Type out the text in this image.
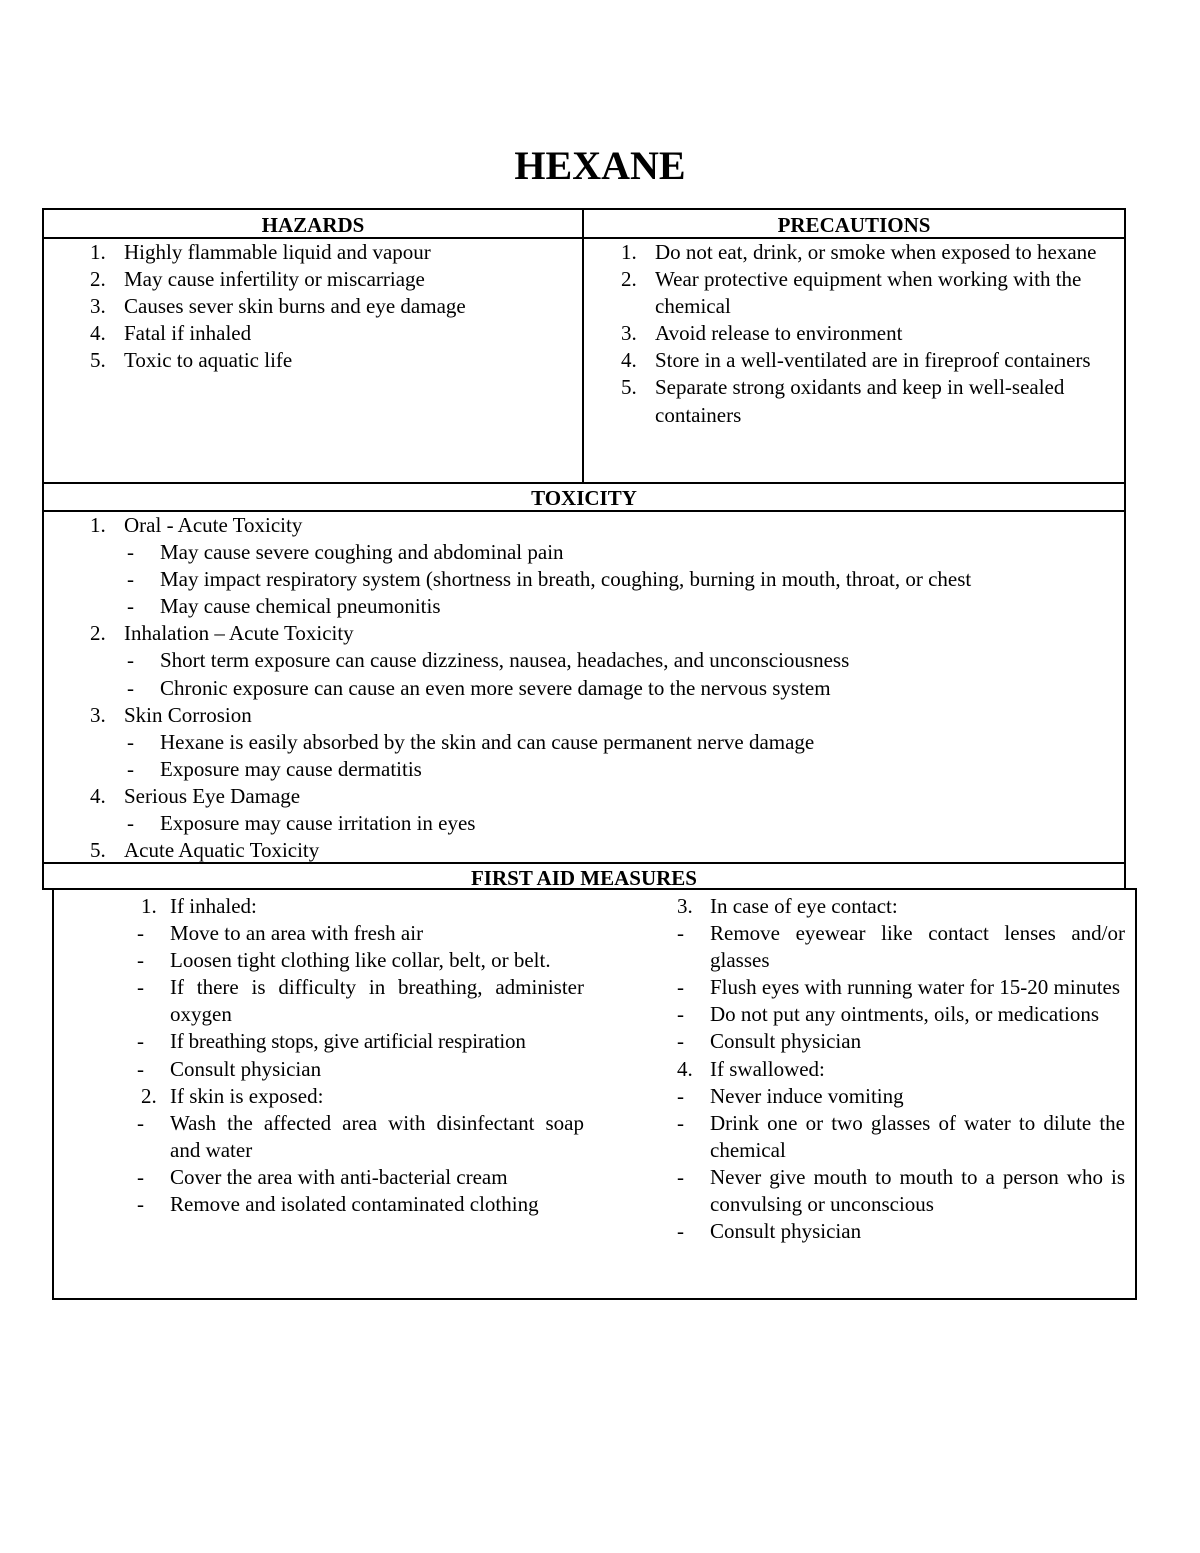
HEXANE
HAZARDS	PRECAUTIONS
1. Highly flammable liquid and vapour
2. May cause infertility or miscarriage
3. Causes sever skin burns and eye damage
4. Fatal if inhaled
5. Toxic to aquatic life
1. Do not eat, drink, or smoke when exposed to hexane
2. Wear protective equipment when working with the chemical
3. Avoid release to environment
4. Store in a well-ventilated are in fireproof containers
5. Separate strong oxidants and keep in well-sealed containers
TOXICITY
1. Oral - Acute Toxicity
- May cause severe coughing and abdominal pain
- May impact respiratory system (shortness in breath, coughing, burning in mouth, throat, or chest
- May cause chemical pneumonitis
2. Inhalation – Acute Toxicity
- Short term exposure can cause dizziness, nausea, headaches, and unconsciousness
- Chronic exposure can cause an even more severe damage to the nervous system
3. Skin Corrosion
- Hexane is easily absorbed by the skin and can cause permanent nerve damage
- Exposure may cause dermatitis
4. Serious Eye Damage
- Exposure may cause irritation in eyes
5. Acute Aquatic Toxicity
FIRST AID MEASURES
1. If inhaled:
- Move to an area with fresh air
- Loosen tight clothing like collar, belt, or belt.
- If there is difficulty in breathing, administer oxygen
- If breathing stops, give artificial respiration
- Consult physician
2. If skin is exposed:
- Wash the affected area with disinfectant soap and water
- Cover the area with anti-bacterial cream
- Remove and isolated contaminated clothing
3. In case of eye contact:
- Remove eyewear like contact lenses and/or glasses
- Flush eyes with running water for 15-20 minutes
- Do not put any ointments, oils, or medications
- Consult physician
4. If swallowed:
- Never induce vomiting
- Drink one or two glasses of water to dilute the chemical
- Never give mouth to mouth to a person who is convulsing or unconscious
- Consult physician
